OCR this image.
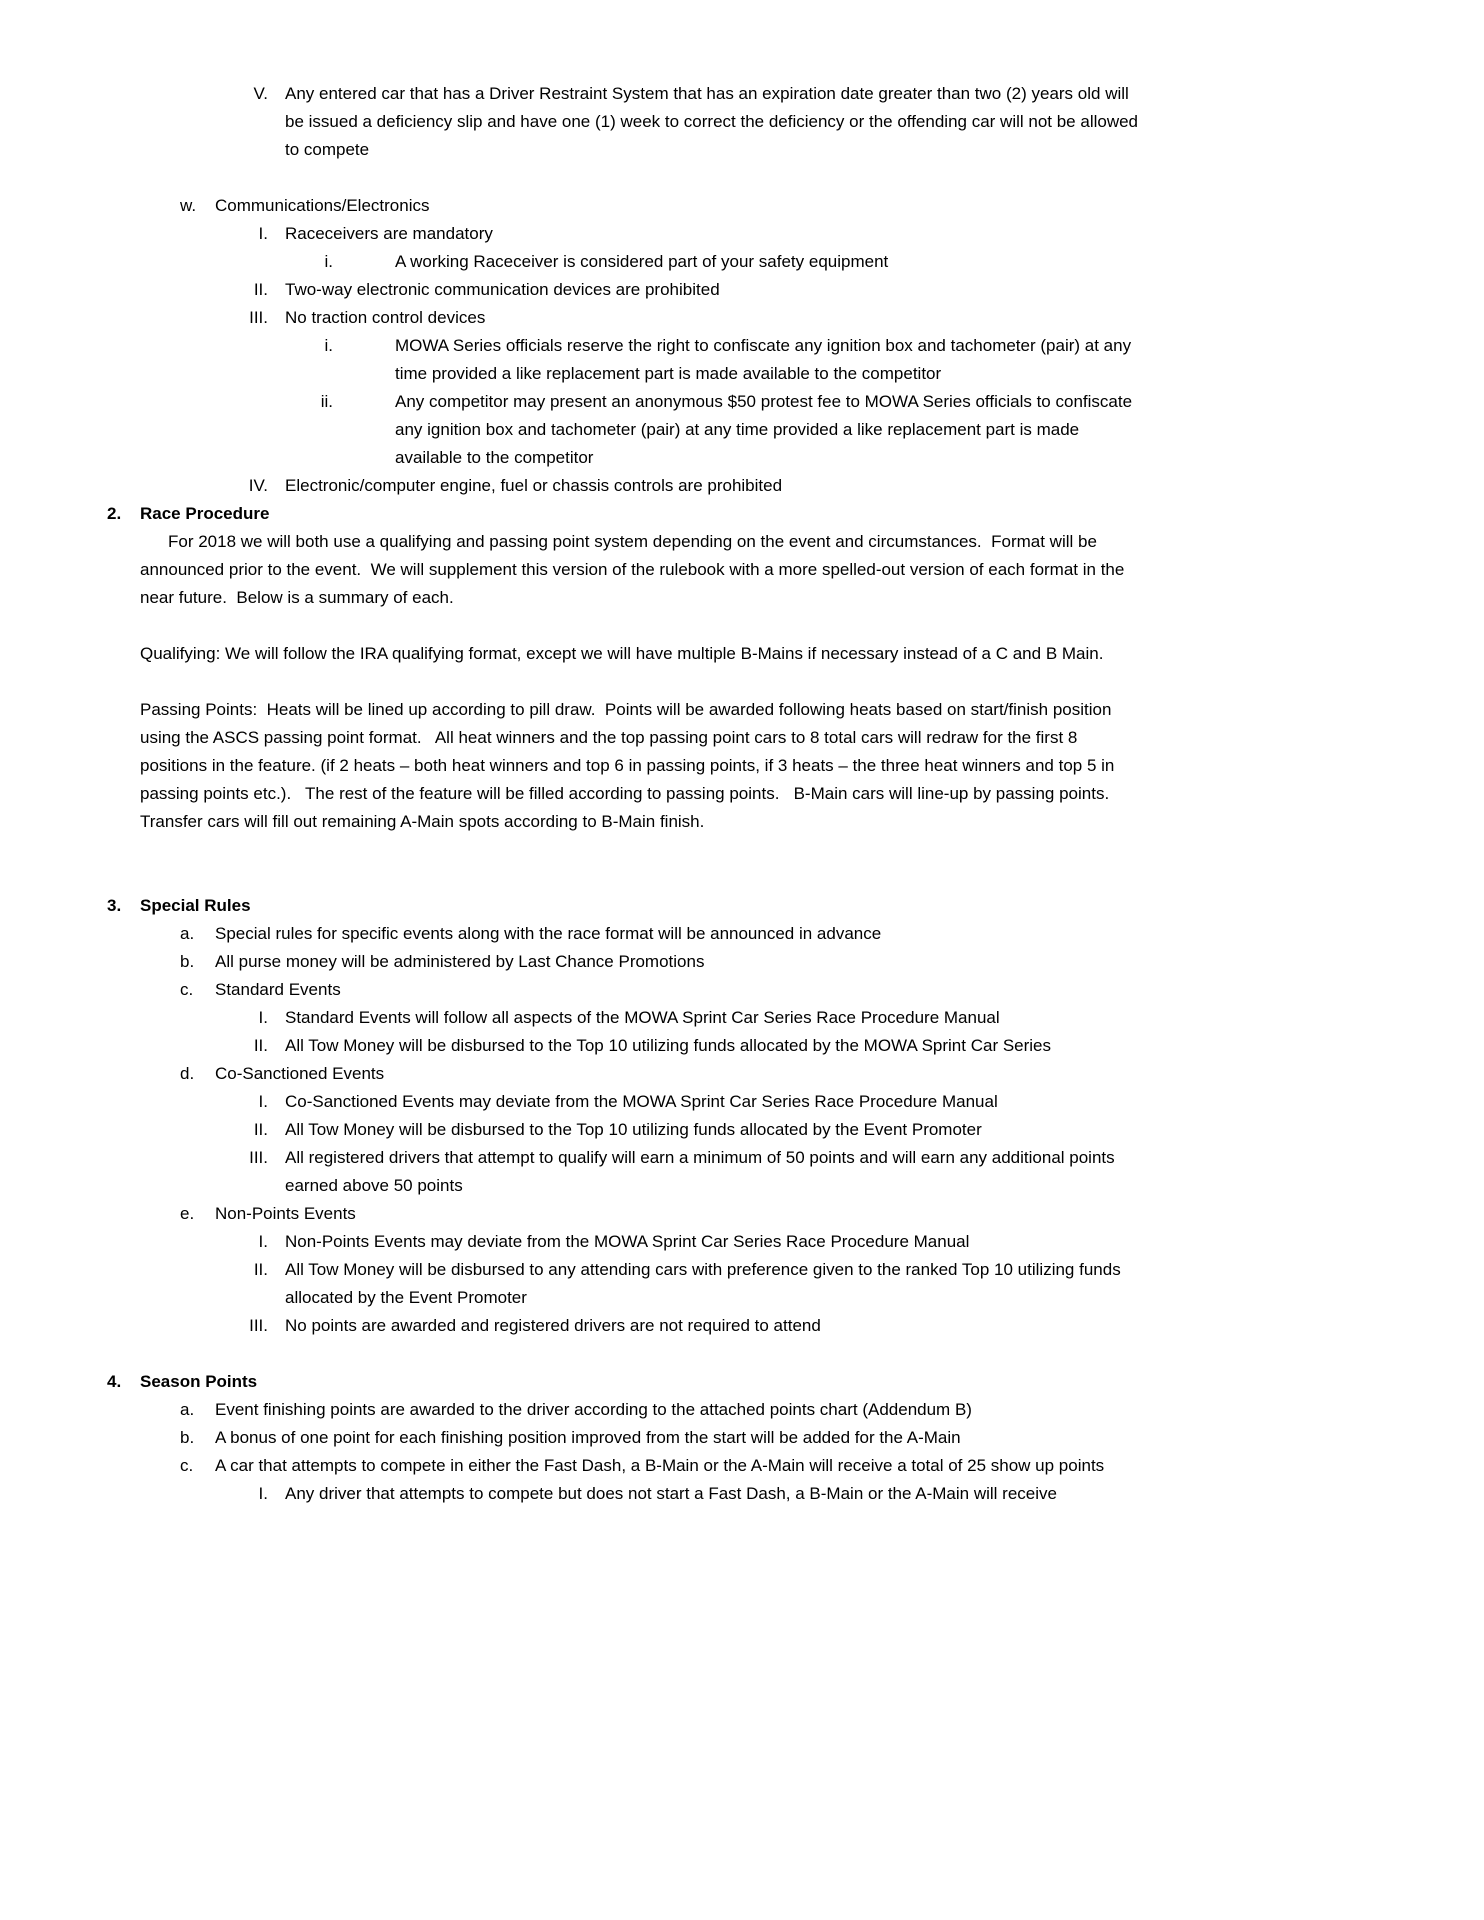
V. Any entered car that has a Driver Restraint System that has an expiration date greater than two (2) years old will be issued a deficiency slip and have one (1) week to correct the deficiency or the offending car will not be allowed to compete
w.	Communications/Electronics
I. Raceceivers are mandatory
i.	A working Raceceiver is considered part of your safety equipment
II. Two-way electronic communication devices are prohibited
III. No traction control devices
i.	MOWA Series officials reserve the right to confiscate any ignition box and tachometer (pair) at any time provided a like replacement part is made available to the competitor
ii.	Any competitor may present an anonymous $50 protest fee to MOWA Series officials to confiscate any ignition box and tachometer (pair) at any time provided a like replacement part is made available to the competitor
IV. Electronic/computer engine, fuel or chassis controls are prohibited
2.	Race Procedure
For 2018 we will both use a qualifying and passing point system depending on the event and circumstances.  Format will be announced prior to the event.  We will supplement this version of the rulebook with a more spelled-out version of each format in the near future.  Below is a summary of each.
Qualifying: We will follow the IRA qualifying format, except we will have multiple B-Mains if necessary instead of a C and B Main.
Passing Points:  Heats will be lined up according to pill draw.  Points will be awarded following heats based on start/finish position using the ASCS passing point format.   All heat winners and the top passing point cars to 8 total cars will redraw for the first 8 positions in the feature. (if 2 heats – both heat winners and top 6 in passing points, if 3 heats – the three heat winners and top 5 in passing points etc.).   The rest of the feature will be filled according to passing points.   B-Main cars will line-up by passing points.  Transfer cars will fill out remaining A-Main spots according to B-Main finish.
3.	Special Rules
a.	Special rules for specific events along with the race format will be announced in advance
b.	All purse money will be administered by Last Chance Promotions
c.	Standard Events
I. Standard Events will follow all aspects of the MOWA Sprint Car Series Race Procedure Manual
II. All Tow Money will be disbursed to the Top 10 utilizing funds allocated by the MOWA Sprint Car Series
d.	Co-Sanctioned Events
I. Co-Sanctioned Events may deviate from the MOWA Sprint Car Series Race Procedure Manual
II. All Tow Money will be disbursed to the Top 10 utilizing funds allocated by the Event Promoter
III. All registered drivers that attempt to qualify will earn a minimum of 50 points and will earn any additional points earned above 50 points
e.	Non-Points Events
I. Non-Points Events may deviate from the MOWA Sprint Car Series Race Procedure Manual
II. All Tow Money will be disbursed to any attending cars with preference given to the ranked Top 10 utilizing funds allocated by the Event Promoter
III. No points are awarded and registered drivers are not required to attend
4.	Season Points
a.	Event finishing points are awarded to the driver according to the attached points chart (Addendum B)
b.	A bonus of one point for each finishing position improved from the start will be added for the A-Main
c.	A car that attempts to compete in either the Fast Dash, a B-Main or the A-Main will receive a total of 25 show up points
I. Any driver that attempts to compete but does not start a Fast Dash, a B-Main or the A-Main will receive
